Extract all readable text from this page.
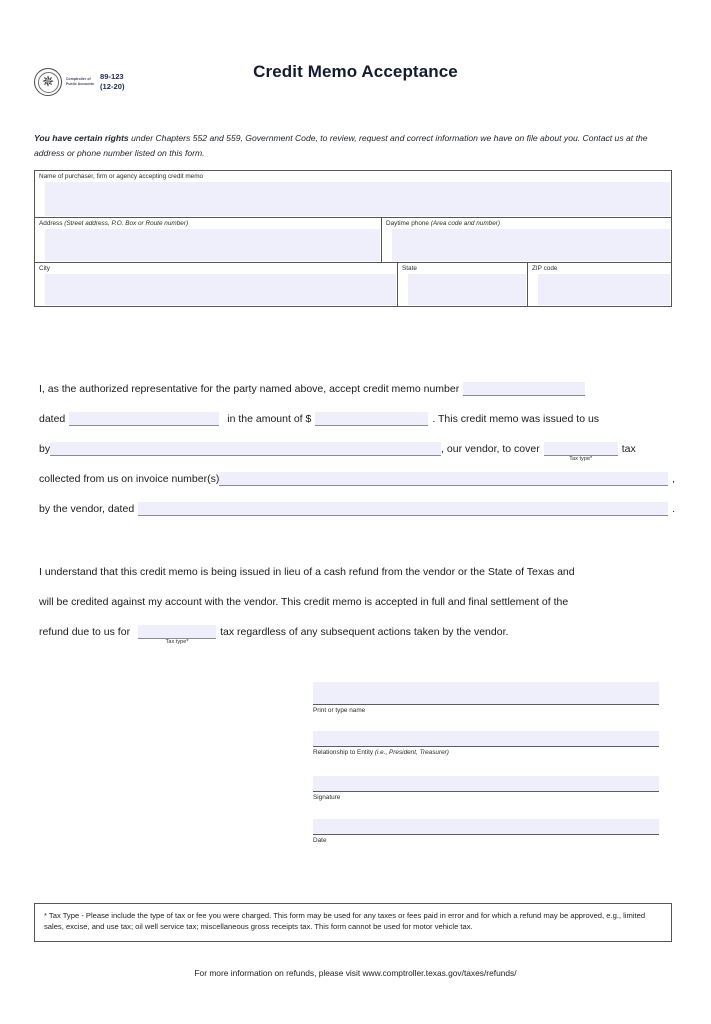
✵	Comptroller of Public Accounts
89-123
(12-20)
Credit Memo Acceptance
You have certain rights under Chapters 552 and 559, Government Code, to review, request and correct information we have on file about you. Contact us at the address or phone number listed on this form.
Name of purchaser, firm or agency accepting credit memo
Address (Street address, P.O. Box or Route number)	Daytime phone (Area code and number)
City	State	ZIP code
I, as the authorized representative for the party named above, accept credit memo number
dated	in the amount of $	. This credit memo was issued to us
by	, our vendor, to cover
Tax type*
tax
collected from us on invoice number(s)	,
by the vendor, dated	.
I understand that this credit memo is being issued in lieu of a cash refund from the vendor or the State of Texas and
will be credited against my account with the vendor. This credit memo is accepted in full and final settlement of the
refund due to us for
Tax type*
tax regardless of any subsequent actions taken by the vendor.
Print or type name
Relationship to Entity (i.e., President, Treasurer)
Signature
Date
* Tax Type - Please include the type of tax or fee you were charged. This form may be used for any taxes or fees paid in error and for which a refund may be approved, e.g., limited sales, excise, and use tax; oil well service tax; miscellaneous gross receipts tax. This form cannot be used for motor vehicle tax.
For more information on refunds, please visit www.comptroller.texas.gov/taxes/refunds/
